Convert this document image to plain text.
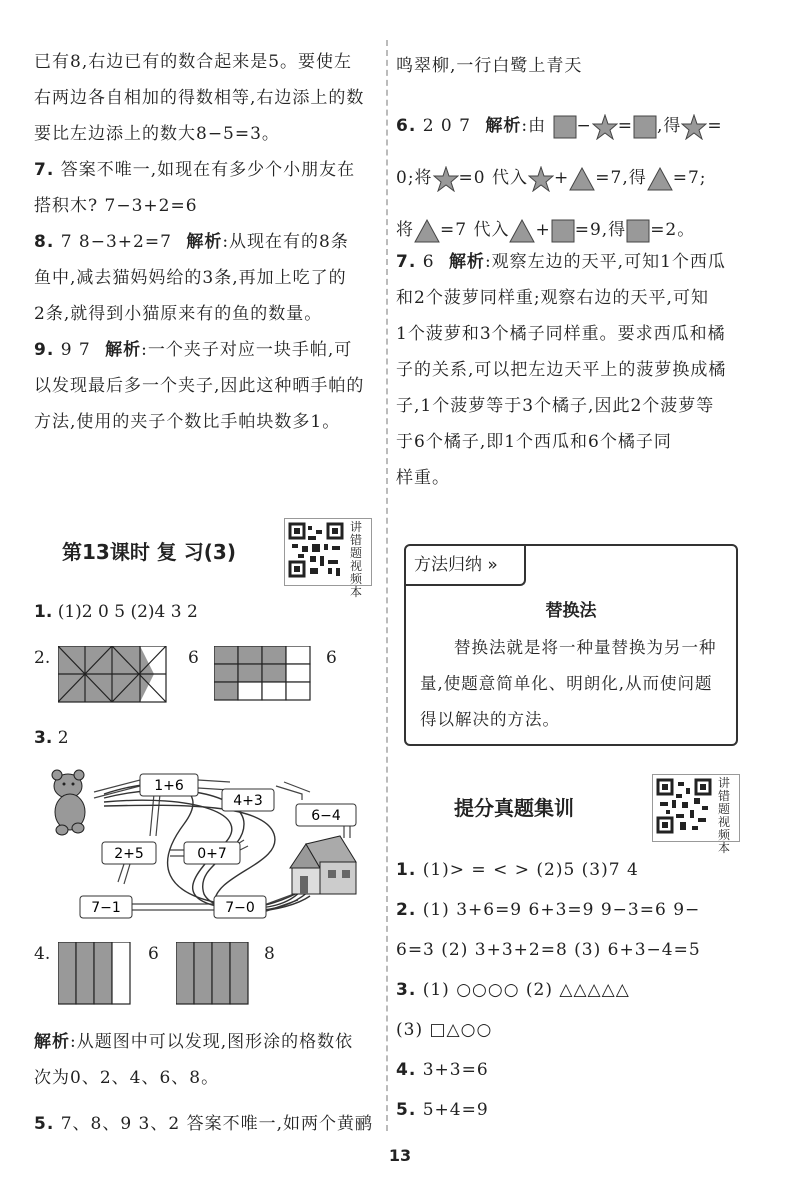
已有8,右边已有的数合起来是5。要使左

右两边各自相加的得数相等,右边添上的数

要比左边添上的数大8−5=3。

7. 答案不唯一,如现在有多少个小朋友在

搭积木? 7−3+2=6

8. 7 8−3+2=7 解析:从现在有的8条

鱼中,减去猫妈妈给的3条,再加上吃了的

2条,就得到小猫原来有的鱼的数量。

9. 9 7 解析:一个夹子对应一块手帕,可

以发现最后多一个夹子,因此这种晒手帕的

方法,使用的夹子个数比手帕块数多1。

第13课时 复 习(3)
讲错题视频本
1. (1)2 0 5 (2)4 3 2
2.	6	6
3. 2
1+6
4+3
6−4
2+5	0+7
7−1	7−0
4.	6	8

解析:从题图中可以发现,图形涂的格数依

次为0、2、4、6、8。

5. 7、8、9 3、2 答案不唯一,如两个黄鹂

鸣翠柳,一行白鹭上青天

6. 2 0 7 解析:由 − = ,得 =
0;将 =0 代入 + =7,得 =7;
将 =7 代入 + =9,得 =2。

7. 6 解析:观察左边的天平,可知1个西瓜

和2个菠萝同样重;观察右边的天平,可知

1个菠萝和3个橘子同样重。要求西瓜和橘

子的关系,可以把左边天平上的菠萝换成橘

子,1个菠萝等于3个橘子,因此2个菠萝等

于6个橘子,即1个西瓜和6个橘子同

样重。

方法归纳 »
替换法
替换法就是将一种量替换为另一种
量,使题意简单化、明朗化,从而使问题
得以解决的方法。
提分真题集训
讲错题视频本
1. (1)> = < > (2)5 (3)7 4
2. (1) 3+6=9 6+3=9 9−3=6 9−
6=3 (2) 3+3+2=8 (3) 6+3−4=5
3. (1) ○○○○ (2) △△△△△
(3) □△○○
4. 3+3=6
5. 5+4=9
13
